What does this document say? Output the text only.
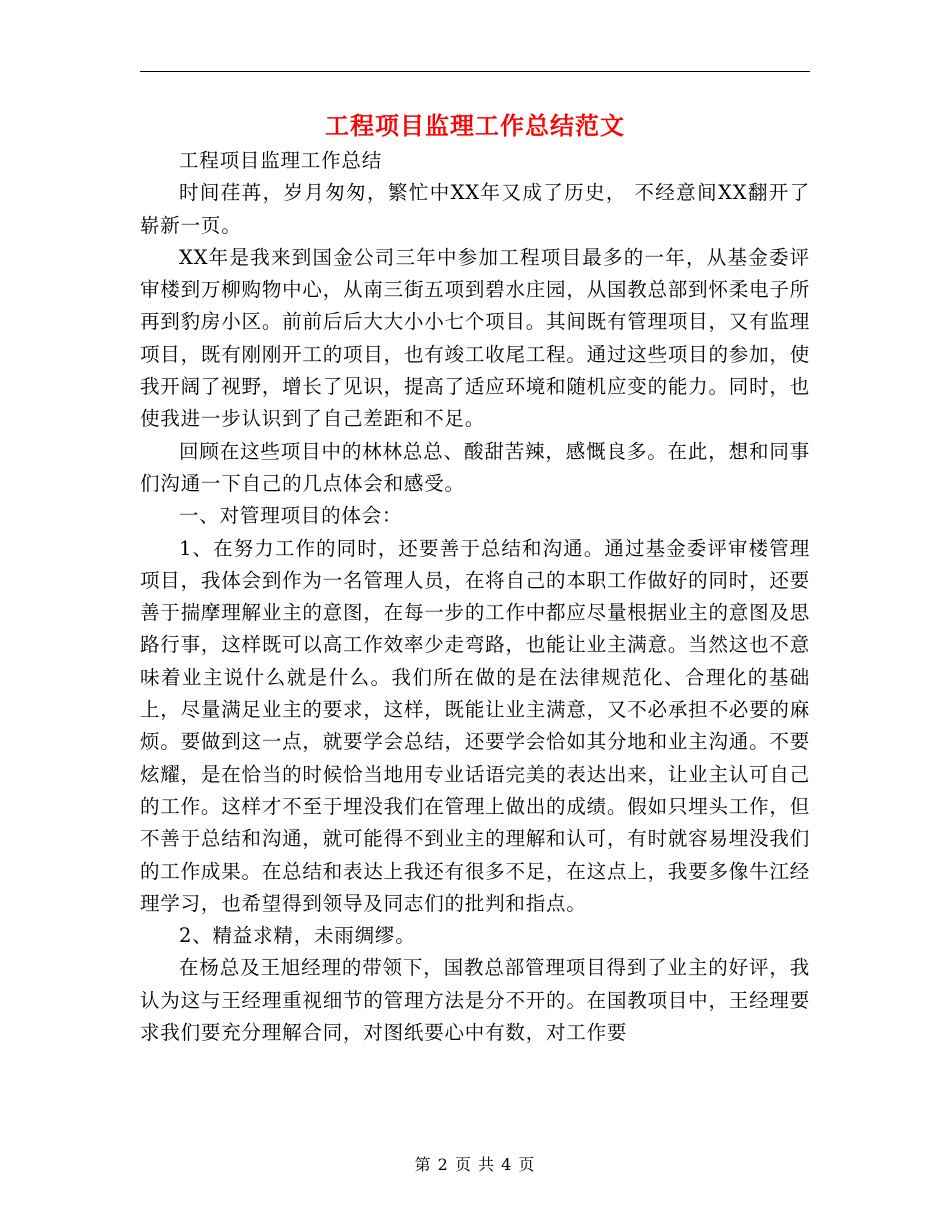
工程项目监理工作总结范文

工程项目监理工作总结

时间荏苒，岁月匆匆，繁忙中XX年又成了历史， 不经意间XX翻开了崭新一页。

XX年是我来到国金公司三年中参加工程项目最多的一年，从基金委评审楼到万柳购物中心，从南三街五项到碧水庄园，从国教总部到怀柔电子所再到豹房小区。前前后后大大小小七个项目。其间既有管理项目，又有监理项目，既有刚刚开工的项目，也有竣工收尾工程。通过这些项目的参加，使我开阔了视野，增长了见识，提高了适应环境和随机应变的能力。同时，也使我进一步认识到了自己差距和不足。

回顾在这些项目中的林林总总、酸甜苦辣，感慨良多。在此，想和同事们沟通一下自己的几点体会和感受。

一、对管理项目的体会：

1、在努力工作的同时，还要善于总结和沟通。通过基金委评审楼管理项目，我体会到作为一名管理人员，在将自己的本职工作做好的同时，还要善于揣摩理解业主的意图，在每一步的工作中都应尽量根据业主的意图及思路行事，这样既可以高工作效率少走弯路，也能让业主满意。当然这也不意味着业主说什么就是什么。我们所在做的是在法律规范化、合理化的基础上，尽量满足业主的要求，这样，既能让业主满意，又不必承担不必要的麻烦。要做到这一点，就要学会总结，还要学会恰如其分地和业主沟通。不要炫耀，是在恰当的时候恰当地用专业话语完美的表达出来，让业主认可自己的工作。这样才不至于埋没我们在管理上做出的成绩。假如只埋头工作，但不善于总结和沟通，就可能得不到业主的理解和认可，有时就容易埋没我们的工作成果。在总结和表达上我还有很多不足，在这点上，我要多像牛江经理学习，也希望得到领导及同志们的批判和指点。

2、精益求精，未雨绸缪。

在杨总及王旭经理的带领下，国教总部管理项目得到了业主的好评，我认为这与王经理重视细节的管理方法是分不开的。在国教项目中，王经理要求我们要充分理解合同，对图纸要心中有数，对工作要

第 2 页 共 4 页
